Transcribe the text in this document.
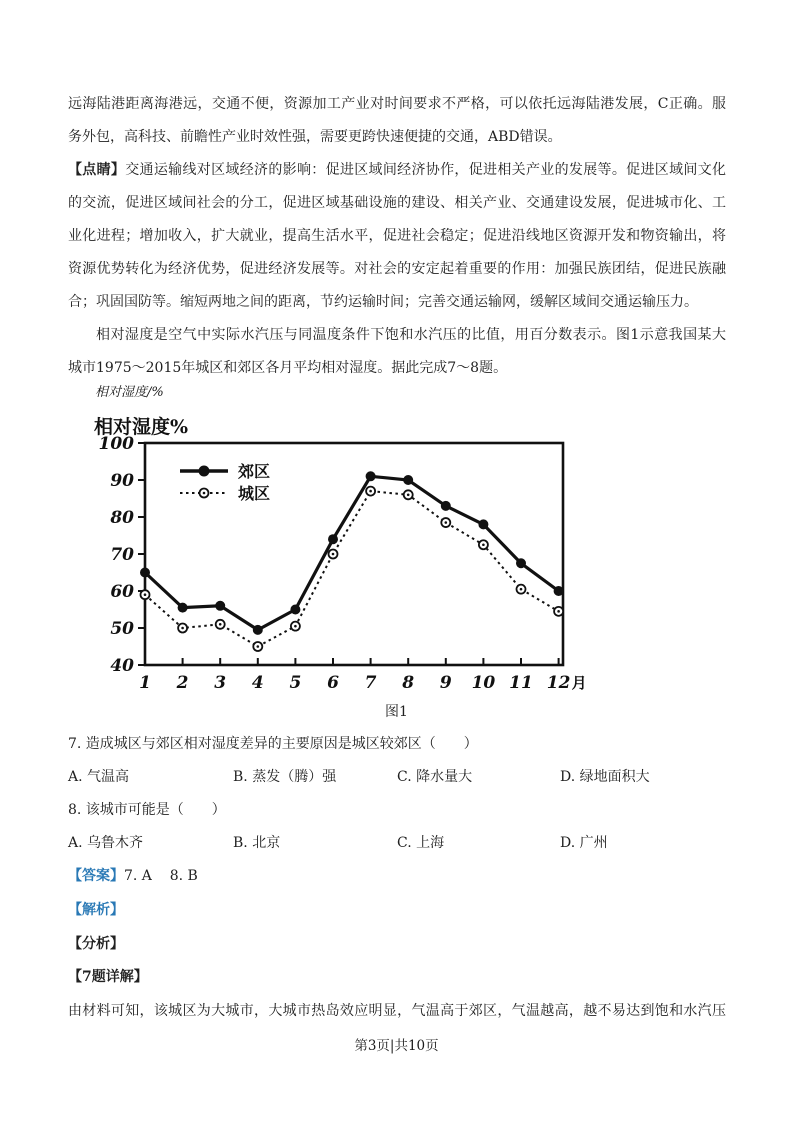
远海陆港距离海港远，交通不便，资源加工产业对时间要求不严格，可以依托远海陆港发展，C正确。服
务外包，高科技、前瞻性产业时效性强，需要更跨快速便捷的交通，ABD错误。
【点睛】交通运输线对区域经济的影响：促进区域间经济协作，促进相关产业的发展等。促进区域间文化
的交流，促进区域间社会的分工，促进区域基础设施的建设、相关产业、交通建设发展，促进城市化、工
业化进程；增加收入，扩大就业，提高生活水平，促进社会稳定；促进沿线地区资源开发和物资输出，将
资源优势转化为经济优势，促进经济发展等。对社会的安定起着重要的作用：加强民族团结，促进民族融
合；巩固国防等。缩短两地之间的距离，节约运输时间；完善交通运输网，缓解区域间交通运输压力。
相对湿度是空气中实际水汽压与同温度条件下饱和水汽压的比值，用百分数表示。图1示意我国某大
城市1975～2015年城区和郊区各月平均相对湿度。据此完成7～8题。
相对湿度/%
相对湿度%
40
50
60
70
80
90
100
1 2 3 4 5 6 7 8 9 10 11 12 月
郊区
城区
图1
7. 造成城区与郊区相对湿度差异的主要原因是城区较郊区（　　）
A. 气温高	B. 蒸发（腾）强	C. 降水量大	D. 绿地面积大
8. 该城市可能是（　　）
A. 乌鲁木齐	B. 北京	C. 上海	D. 广州
【答案】7. A    8. B
【解析】
【分析】
【7题详解】
由材料可知，该城区为大城市，大城市热岛效应明显，气温高于郊区，气温越高，越不易达到饱和水汽压
第3页|共10页
